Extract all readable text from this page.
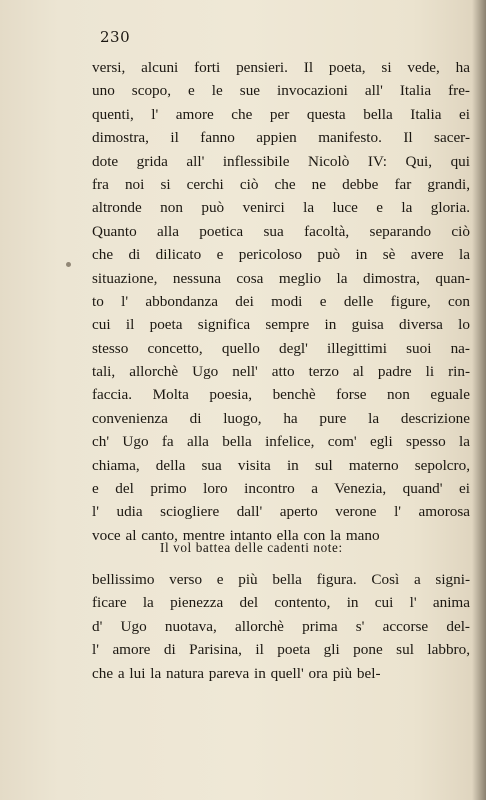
230
versi, alcuni forti pensieri. Il poeta, si vede, ha
uno scopo, e le sue invocazioni all' Italia fre-
quenti, l' amore che per questa bella Italia ei
dimostra, il fanno appien manifesto. Il sacer-
dote grida all' inflessibile Nicolò IV: Qui, qui
fra noi si cerchi ciò che ne debbe far grandi,
altronde non può venirci la luce e la gloria.
Quanto alla poetica sua facoltà, separando ciò
che di dilicato e pericoloso può in sè avere la
situazione, nessuna cosa meglio la dimostra, quan-
to l' abbondanza dei modi e delle figure, con
cui il poeta significa sempre in guisa diversa lo
stesso concetto, quello degl' illegittimi suoi na-
tali, allorchè Ugo nell' atto terzo al padre li rin-
faccia. Molta poesia, benchè forse non eguale
convenienza di luogo, ha pure la descrizione
ch' Ugo fa alla bella infelice, com' egli spesso la
chiama, della sua visita in sul materno sepolcro,
e del primo loro incontro a Venezia, quand' ei
l' udia sciogliere dall' aperto verone l' amorosa
voce al canto, mentre intanto ella con la mano
Il vol battea delle cadenti note:
bellissimo verso e più bella figura. Così a signi-
ficare la pienezza del contento, in cui l' anima
d' Ugo nuotava, allorchè prima s' accorse del-
l' amore di Parisina, il poeta gli pone sul labbro,
che a lui la natura pareva in quell' ora più bel-
